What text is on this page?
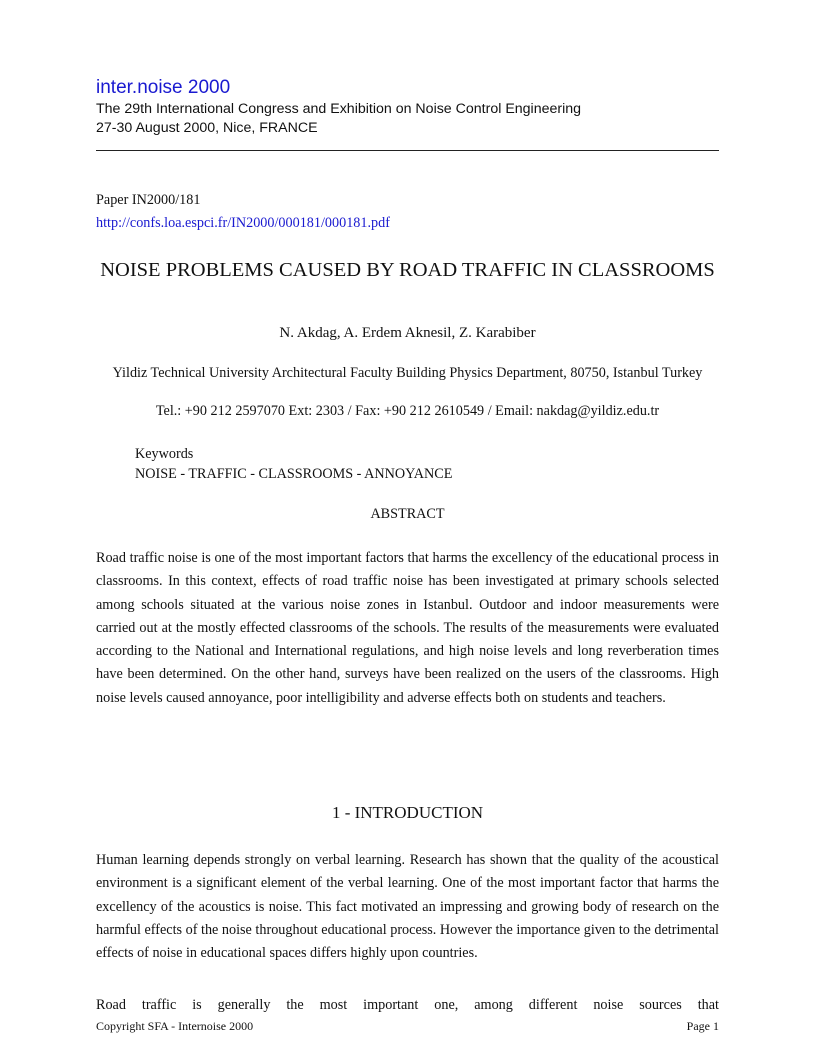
inter.noise 2000

The 29th International Congress and Exhibition on Noise Control Engineering

27-30 August 2000, Nice, FRANCE

Paper IN2000/181

http://confs.loa.espci.fr/IN2000/000181/000181.pdf
NOISE PROBLEMS CAUSED BY ROAD TRAFFIC IN CLASSROOMS

N. Akdag, A. Erdem Aknesil, Z. Karabiber

Yildiz Technical University Architectural Faculty Building Physics Department, 80750, Istanbul Turkey

Tel.: +90 212 2597070 Ext: 2303 / Fax: +90 212 2610549 / Email: nakdag@yildiz.edu.tr

Keywords

NOISE - TRAFFIC - CLASSROOMS - ANNOYANCE

ABSTRACT

Road traffic noise is one of the most important factors that harms the excellency of the educational process in classrooms. In this context, effects of road traffic noise has been investigated at primary schools selected among schools situated at the various noise zones in Istanbul. Outdoor and indoor measurements were carried out at the mostly effected classrooms of the schools. The results of the measurements were evaluated according to the National and International regulations, and high noise levels and long reverberation times have been determined. On the other hand, surveys have been realized on the users of the classrooms. High noise levels caused annoyance, poor intelligibility and adverse effects both on students and teachers.

1 - INTRODUCTION

Human learning depends strongly on verbal learning. Research has shown that the quality of the acoustical environment is a significant element of the verbal learning. One of the most important factor that harms the excellency of the acoustics is noise. This fact motivated an impressing and growing body of research on the harmful effects of the noise throughout educational process. However the importance given to the detrimental effects of noise in educational spaces differs highly upon countries.

Road traffic is generally the most important one, among different noise sources that

Copyright SFA - Internoise 2000	Page 1
